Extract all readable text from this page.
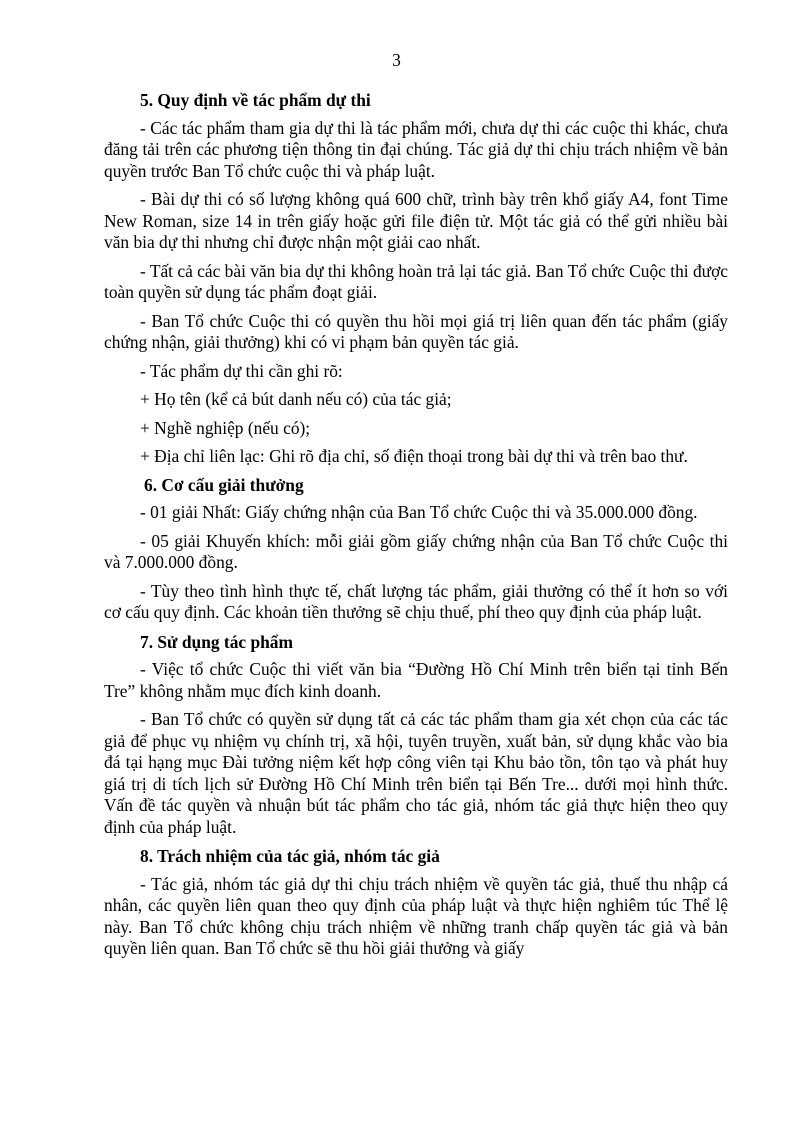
3
5. Quy định về tác phẩm dự thi

- Các tác phẩm tham gia dự thi là tác phẩm mới, chưa dự thi các cuộc thi khác, chưa đăng tải trên các phương tiện thông tin đại chúng. Tác giả dự thi chịu trách nhiệm về bản quyền trước Ban Tổ chức cuộc thi và pháp luật.

- Bài dự thi có số lượng không quá 600 chữ, trình bày trên khổ giấy A4, font Time New Roman, size 14 in trên giấy hoặc gửi file điện tử. Một tác giả có thể gửi nhiều bài văn bia dự thi nhưng chỉ được nhận một giải cao nhất.

- Tất cả các bài văn bia dự thi không hoàn trả lại tác giả. Ban Tổ chức Cuộc thi được toàn quyền sử dụng tác phẩm đoạt giải.

- Ban Tổ chức Cuộc thi có quyền thu hồi mọi giá trị liên quan đến tác phẩm (giấy chứng nhận, giải thưởng) khi có vi phạm bản quyền tác giả.

- Tác phẩm dự thi cần ghi rõ:

+ Họ tên (kể cả bút danh nếu có) của tác giả;

+ Nghề nghiệp (nếu có);

+ Địa chỉ liên lạc: Ghi rõ địa chỉ, số điện thoại trong bài dự thi và trên bao thư.

6. Cơ cấu giải thưởng

- 01 giải Nhất: Giấy chứng nhận của Ban Tổ chức Cuộc thi và 35.000.000 đồng.

- 05 giải Khuyến khích: mỗi giải gồm giấy chứng nhận của Ban Tổ chức Cuộc thi và 7.000.000 đồng.

- Tùy theo tình hình thực tế, chất lượng tác phẩm, giải thưởng có thể ít hơn so với cơ cấu quy định. Các khoản tiền thưởng sẽ chịu thuế, phí theo quy định của pháp luật.

7. Sử dụng tác phẩm

- Việc tổ chức Cuộc thi viết văn bia “Đường Hồ Chí Minh trên biển tại tỉnh Bến Tre” không nhằm mục đích kinh doanh.

- Ban Tổ chức có quyền sử dụng tất cả các tác phẩm tham gia xét chọn của các tác giả để phục vụ nhiệm vụ chính trị, xã hội, tuyên truyền, xuất bản, sử dụng khắc vào bia đá tại hạng mục Đài tưởng niệm kết hợp công viên tại Khu bảo tồn, tôn tạo và phát huy giá trị di tích lịch sử Đường Hồ Chí Minh trên biển tại Bến Tre... dưới mọi hình thức. Vấn đề tác quyền và nhuận bút tác phẩm cho tác giả, nhóm tác giả thực hiện theo quy định của pháp luật.

8. Trách nhiệm của tác giả, nhóm tác giả

- Tác giả, nhóm tác giả dự thi chịu trách nhiệm về quyền tác giả, thuế thu nhập cá nhân, các quyền liên quan theo quy định của pháp luật và thực hiện nghiêm túc Thể lệ này. Ban Tổ chức không chịu trách nhiệm về những tranh chấp quyền tác giả và bản quyền liên quan. Ban Tổ chức sẽ thu hồi giải thưởng và giấy
